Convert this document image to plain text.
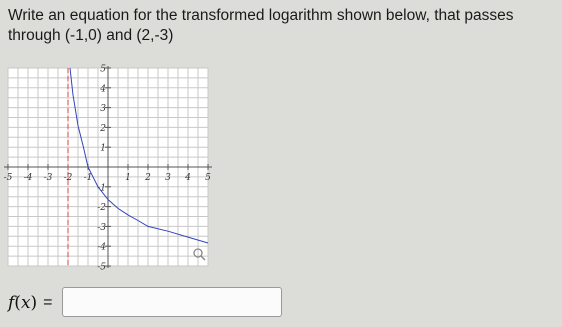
Write an equation for the transformed logarithm shown below, that passes
through (-1,0) and (2,-3)
-5 -4 -3 -2 -1	1 2 3 4 5
5
4
3
2
1
-1
-2
-3
-4
-5
f(x) =
